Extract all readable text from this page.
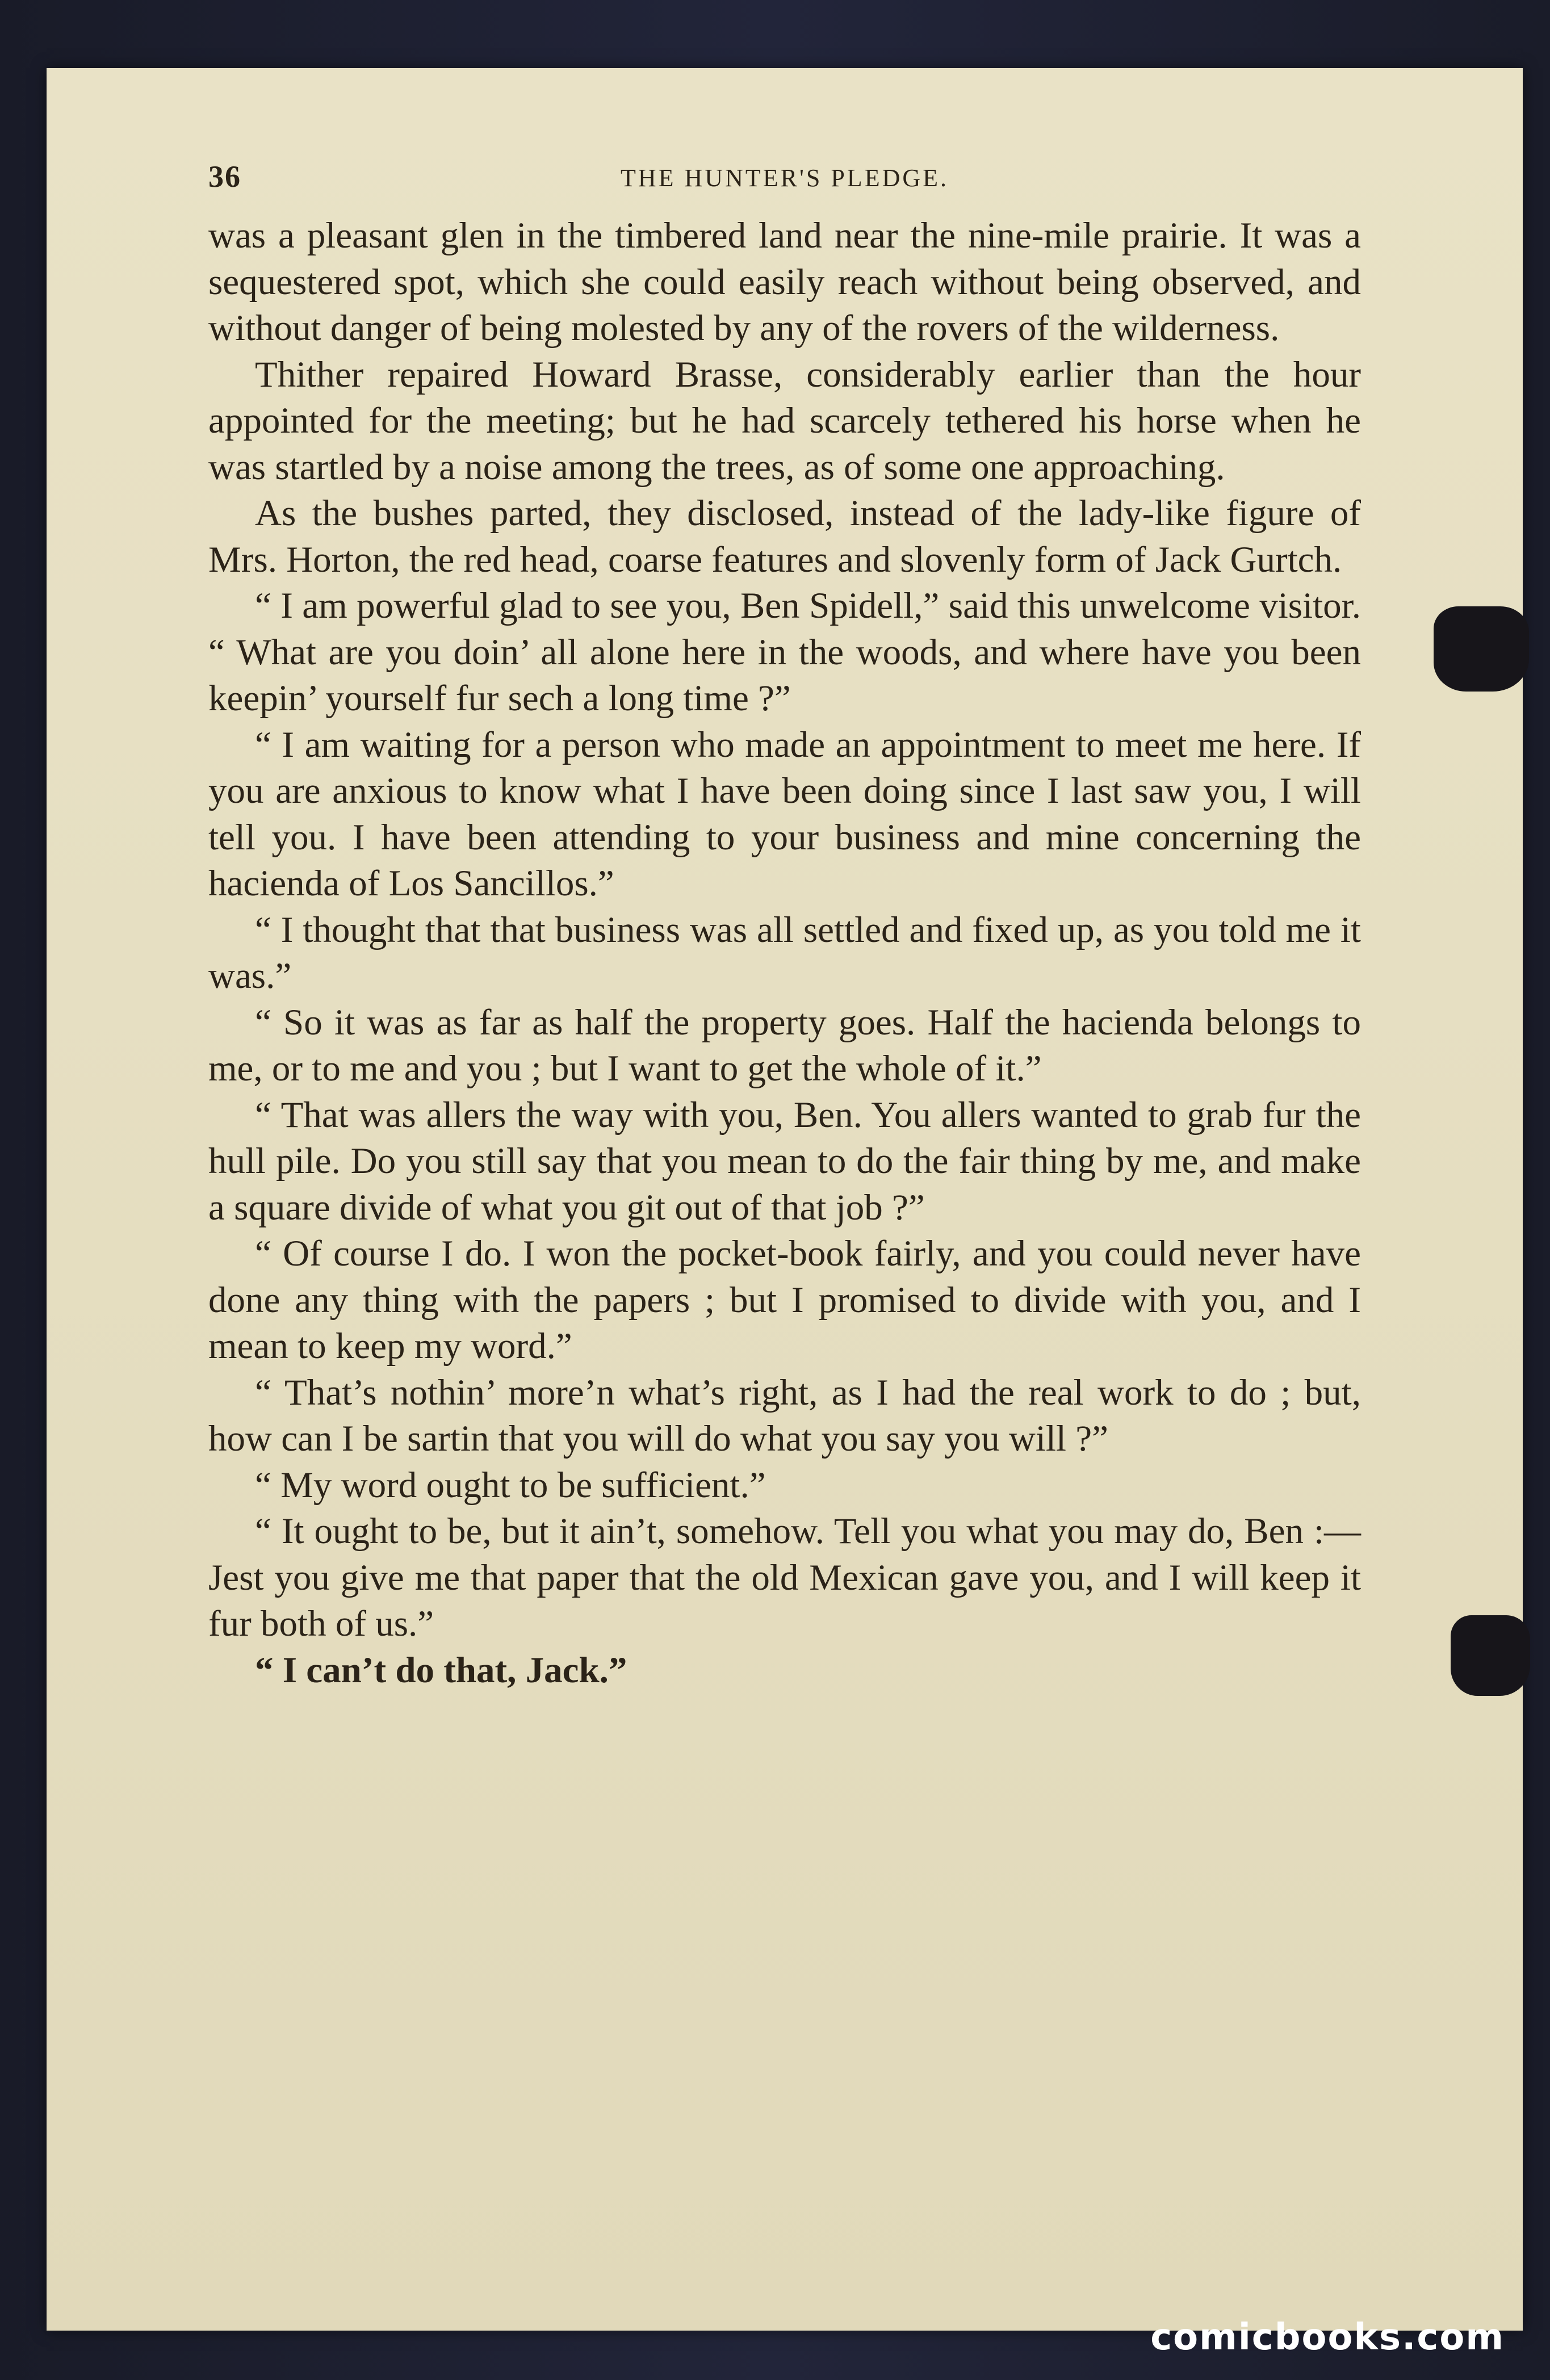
36	THE HUNTER'S PLEDGE.

was a pleasant glen in the timbered land near the nine-mile prairie. It was a sequestered spot, which she could easily reach without being observed, and without danger of being molested by any of the rovers of the wilderness.

Thither repaired Howard Brasse, considerably earlier than the hour appointed for the meeting; but he had scarcely tethered his horse when he was startled by a noise among the trees, as of some one approaching.

As the bushes parted, they disclosed, instead of the lady-like figure of Mrs. Horton, the red head, coarse features and slovenly form of Jack Gurtch.

“ I am powerful glad to see you, Ben Spidell,” said this unwelcome visitor. “ What are you doin’ all alone here in the woods, and where have you been keepin’ yourself fur sech a long time ?”

“ I am waiting for a person who made an appointment to meet me here. If you are anxious to know what I have been doing since I last saw you, I will tell you. I have been attending to your business and mine concerning the hacienda of Los Sancillos.”

“ I thought that that business was all settled and fixed up, as you told me it was.”

“ So it was as far as half the property goes. Half the hacienda belongs to me, or to me and you ; but I want to get the whole of it.”

“ That was allers the way with you, Ben. You allers wanted to grab fur the hull pile. Do you still say that you mean to do the fair thing by me, and make a square divide of what you git out of that job ?”

“ Of course I do. I won the pocket-book fairly, and you could never have done any thing with the papers ; but I promised to divide with you, and I mean to keep my word.”

“ That’s nothin’ more’n what’s right, as I had the real work to do ; but, how can I be sartin that you will do what you say you will ?”

“ My word ought to be sufficient.”

“ It ought to be, but it ain’t, somehow. Tell you what you may do, Ben :—Jest you give me that paper that the old Mexican gave you, and I will keep it fur both of us.”

“ I can’t do that, Jack.”

comicbooks.com
